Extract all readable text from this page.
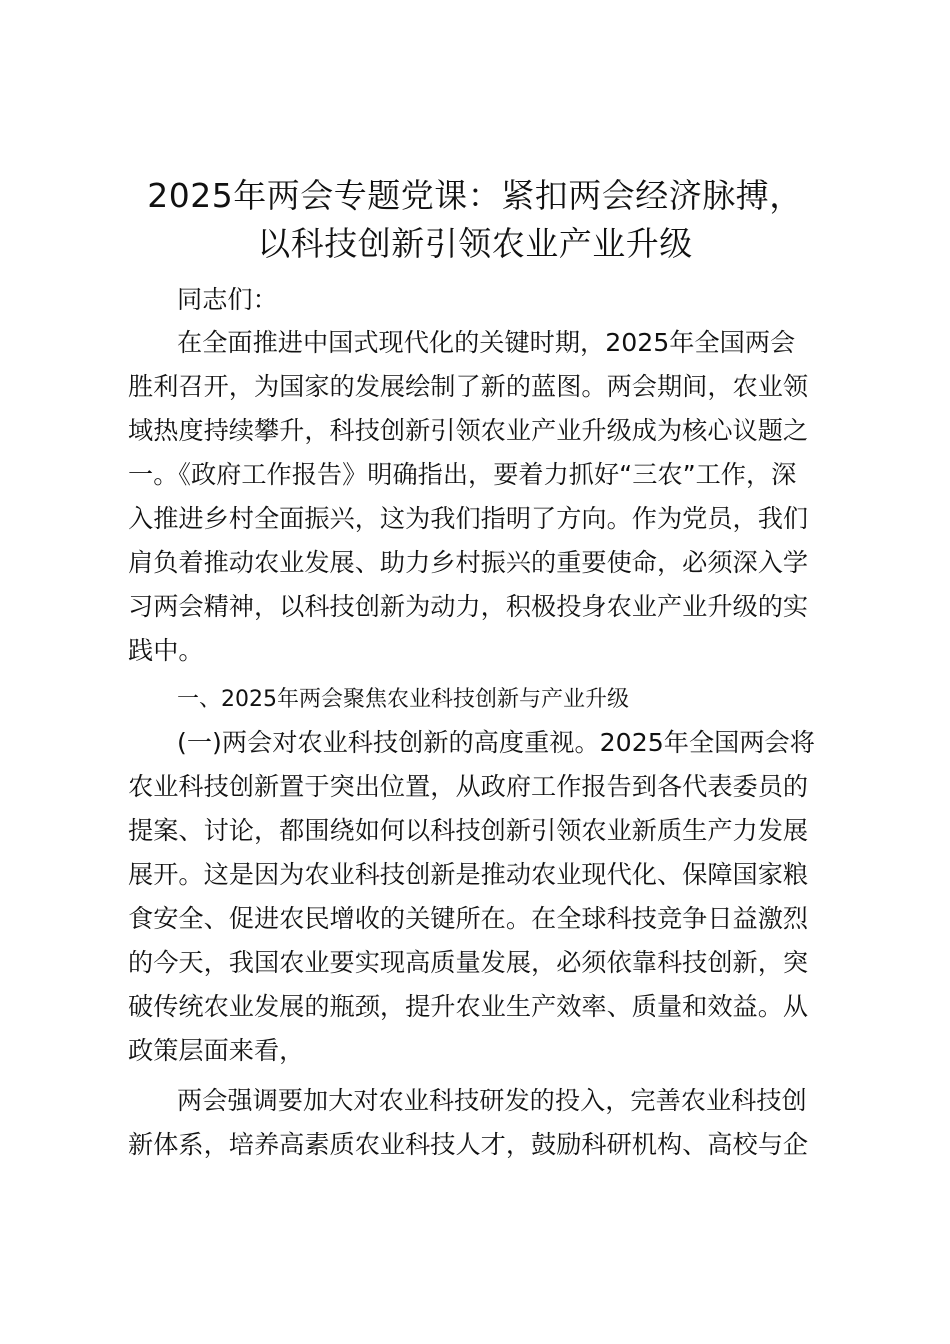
2025年两会专题党课：紧扣两会经济脉搏，
以科技创新引领农业产业升级

同志们：

在全面推进中国式现代化的关键时期，2025年全国两会

胜利召开，为国家的发展绘制了新的蓝图。两会期间，农业领

域热度持续攀升，科技创新引领农业产业升级成为核心议题之

一。《政府工作报告》明确指出，要着力抓好“三农”工作，深

入推进乡村全面振兴，这为我们指明了方向。作为党员，我们

肩负着推动农业发展、助力乡村振兴的重要使命，必须深入学

习两会精神，以科技创新为动力，积极投身农业产业升级的实

践中。

一、2025年两会聚焦农业科技创新与产业升级

(一)两会对农业科技创新的高度重视。2025年全国两会将

农业科技创新置于突出位置，从政府工作报告到各代表委员的

提案、讨论，都围绕如何以科技创新引领农业新质生产力发展

展开。这是因为农业科技创新是推动农业现代化、保障国家粮

食安全、促进农民增收的关键所在。在全球科技竞争日益激烈

的今天，我国农业要实现高质量发展，必须依靠科技创新，突

破传统农业发展的瓶颈，提升农业生产效率、质量和效益。从

政策层面来看，

两会强调要加大对农业科技研发的投入，完善农业科技创

新体系，培养高素质农业科技人才，鼓励科研机构、高校与企
